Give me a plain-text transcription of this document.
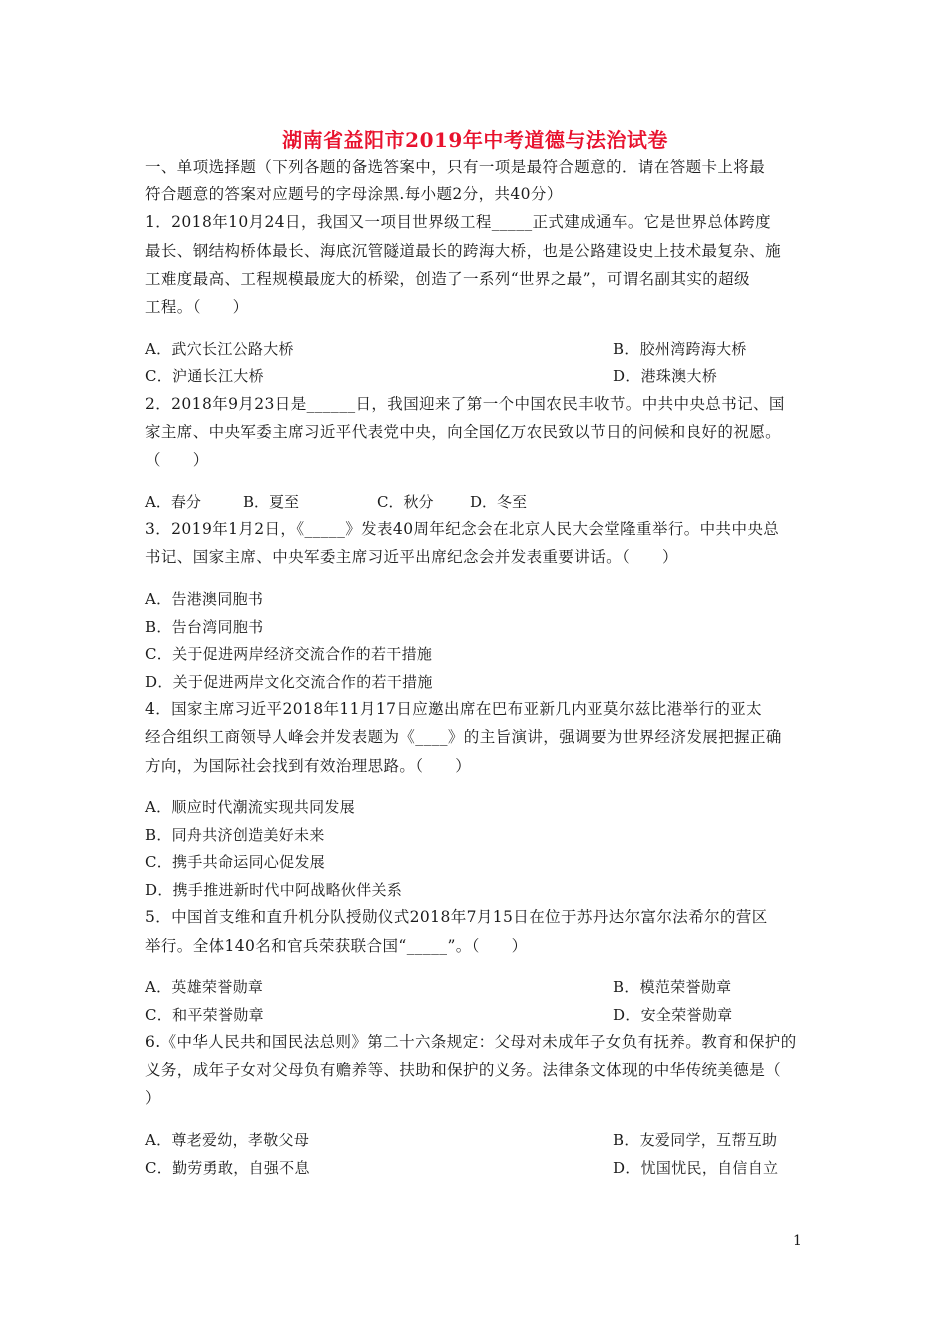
湖南省益阳市2019年中考道德与法治试卷
一、单项选择题（下列各题的备选答案中，只有一项是最符合题意的．请在答题卡上将最
符合题意的答案对应题号的字母涂黑.每小题2分，共40分）
1．2018年10月24日，我国又一项目世界级工程_____正式建成通车。它是世界总体跨度
最长、钢结构桥体最长、海底沉管隧道最长的跨海大桥，也是公路建设史上技术最复杂、施
工难度最高、工程规模最庞大的桥梁，创造了一系列“世界之最”，可谓名副其实的超级
工程。（　　）
A．武穴长江公路大桥	B．胶州湾跨海大桥
C．沪通长江大桥	D．港珠澳大桥
2．2018年9月23日是______日，我国迎来了第一个中国农民丰收节。中共中央总书记、国
家主席、中央军委主席习近平代表党中央，向全国亿万农民致以节日的问候和良好的祝愿。
（　　）
A．春分	B．夏至	C．秋分 D．冬至
3．2019年1月2日，《_____》发表40周年纪念会在北京人民大会堂隆重举行。中共中央总
书记、国家主席、中央军委主席习近平出席纪念会并发表重要讲话。（　　）
A．告港澳同胞书
B．告台湾同胞书
C．关于促进两岸经济交流合作的若干措施
D．关于促进两岸文化交流合作的若干措施
4．国家主席习近平2018年11月17日应邀出席在巴布亚新几内亚莫尔兹比港举行的亚太
经合组织工商领导人峰会并发表题为《____》的主旨演讲，强调要为世界经济发展把握正确
方向，为国际社会找到有效治理思路。（　　）
A．顺应时代潮流实现共同发展
B．同舟共济创造美好未来
C．携手共命运同心促发展
D．携手推进新时代中阿战略伙伴关系
5．中国首支维和直升机分队授勋仪式2018年7月15日在位于苏丹达尔富尔法希尔的营区
举行。全体140名和官兵荣获联合国“_____”。（　　）
A．英雄荣誉勋章	B．模范荣誉勋章
C．和平荣誉勋章	D．安全荣誉勋章
6.《中华人民共和国民法总则》第二十六条规定：父母对未成年子女负有抚养。教育和保护的
义务，成年子女对父母负有赡养等、扶助和保护的义务。法律条文体现的中华传统美德是（
）
A．尊老爱幼，孝敬父母	B．友爱同学，互帮互助
C．勤劳勇敢，自强不息	D．忧国忧民，自信自立
1
